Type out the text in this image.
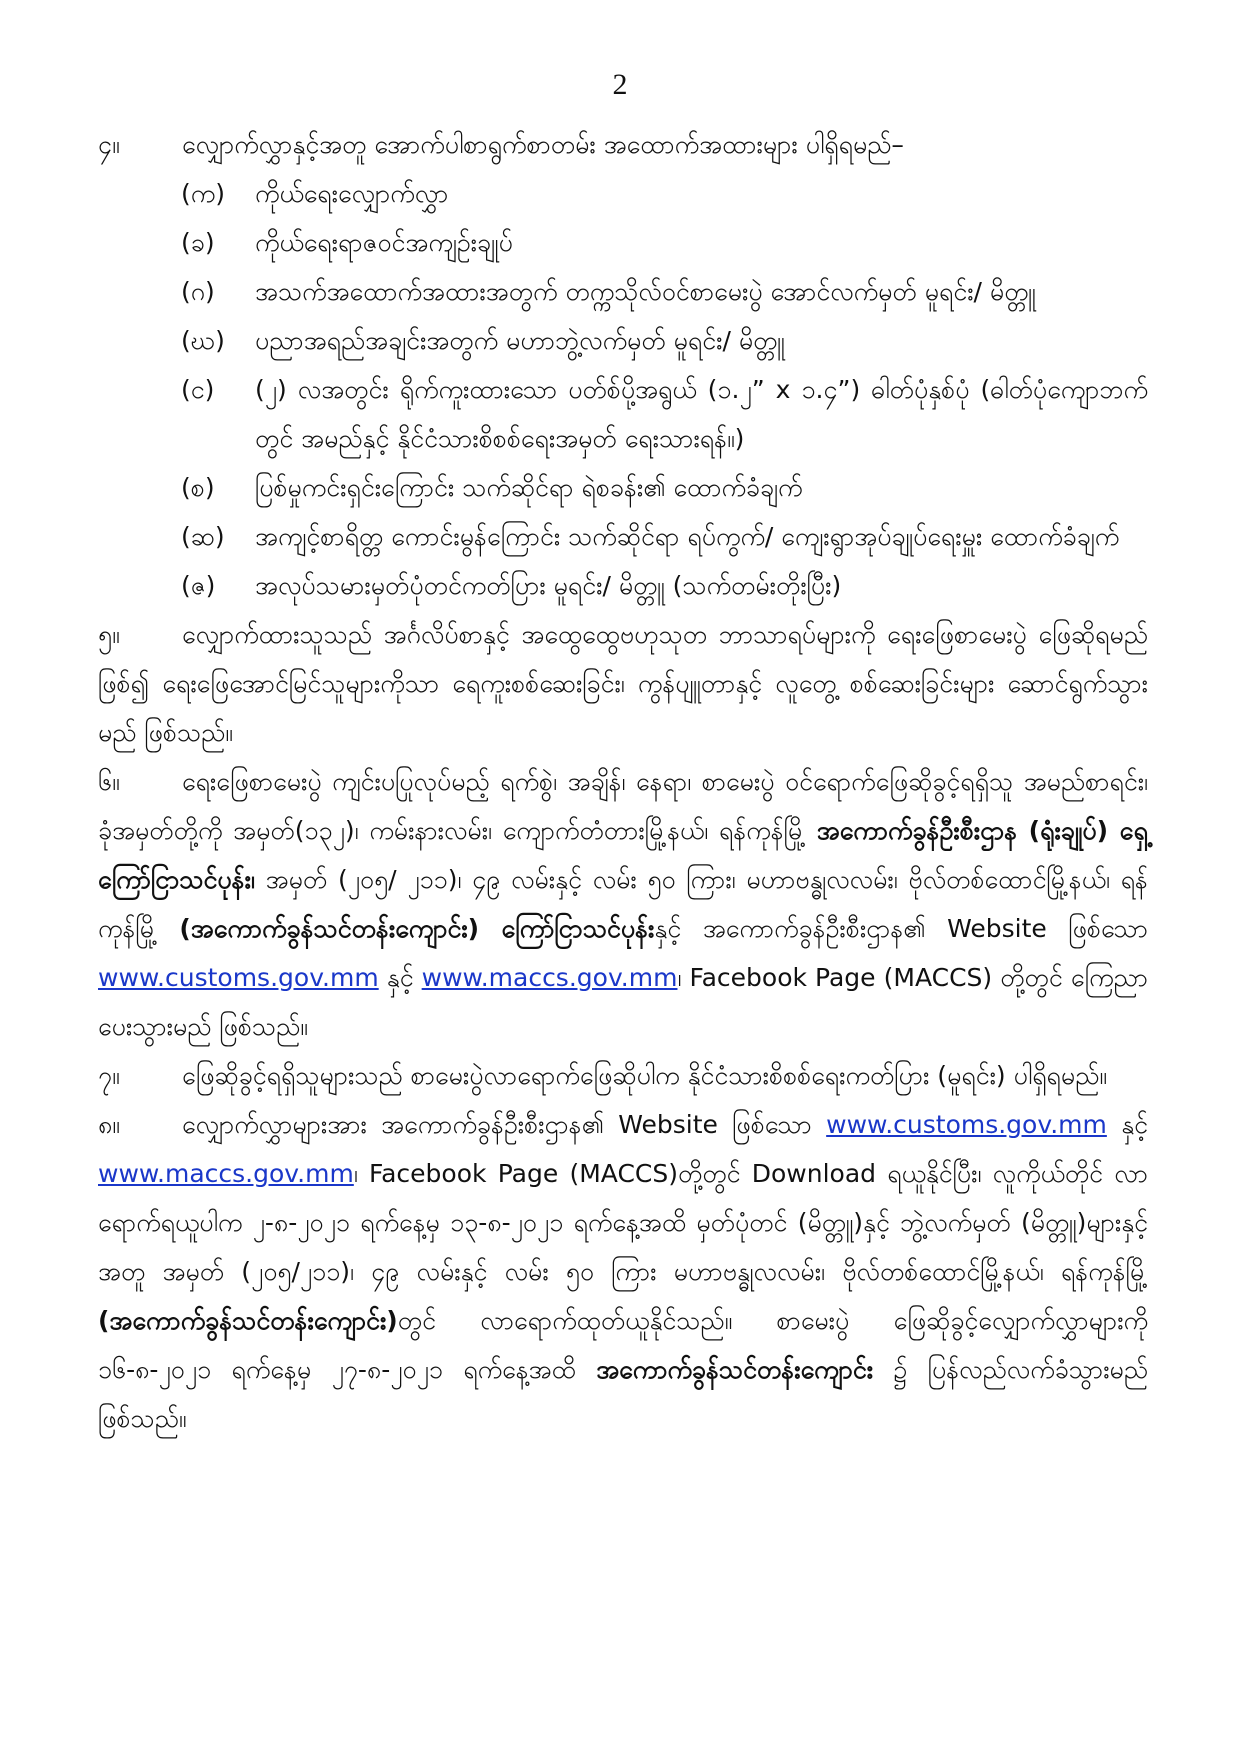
2
၄။ လျှောက်လွှာနှင့်အတူ အောက်ပါစာရွက်စာတမ်း အထောက်အထားများ ပါရှိရမည်–
(က) ကိုယ်ရေးလျှောက်လွှာ
(ခ) ကိုယ်ရေးရာဇဝင်အကျဉ်းချုပ်
(ဂ) အသက်အထောက်အထားအတွက် တက္ကသိုလ်ဝင်စာမေးပွဲ အောင်လက်မှတ် မူရင်း/ မိတ္တူ
(ဃ) ပညာအရည်အချင်းအတွက် မဟာဘွဲ့လက်မှတ် မူရင်း/ မိတ္တူ
(င) (၂) လအတွင်း ရိုက်ကူးထားသော ပတ်စ်ပို့အရွယ် (၁.၂” x ၁.၄”) ဓါတ်ပုံနှစ်ပုံ (ဓါတ်ပုံကျောဘက်တွင် အမည်နှင့် နိုင်ငံသားစိစစ်ရေးအမှတ် ရေးသားရန်။)
(စ) ပြစ်မှုကင်းရှင်းကြောင်း သက်ဆိုင်ရာ ရဲစခန်း၏ ထောက်ခံချက်
(ဆ) အကျင့်စာရိတ္တ ကောင်းမွန်ကြောင်း သက်ဆိုင်ရာ ရပ်ကွက်/ ကျေးရွာအုပ်ချုပ်ရေးမှူး ထောက်ခံချက်
(ဇ) အလုပ်သမားမှတ်ပုံတင်ကတ်ပြား မူရင်း/ မိတ္တူ (သက်တမ်းတိုးပြီး)
၅။ လျှောက်ထားသူသည် အင်္ဂလိပ်စာနှင့် အထွေထွေဗဟုသုတ ဘာသာရပ်များကို ရေးဖြေစာမေးပွဲ ဖြေဆိုရမည် ဖြစ်၍ ရေးဖြေအောင်မြင်သူများကိုသာ ရေကူးစစ်ဆေးခြင်း၊ ကွန်ပျူတာနှင့် လူတွေ့ စစ်ဆေးခြင်းများ ဆောင်ရွက်သွားမည် ဖြစ်သည်။
၆။ ရေးဖြေစာမေးပွဲ ကျင်းပပြုလုပ်မည့် ရက်စွဲ၊ အချိန်၊ နေရာ၊ စာမေးပွဲ ဝင်ရောက်ဖြေဆိုခွင့်ရရှိသူ အမည်စာရင်း၊ ခုံအမှတ်တို့ကို အမှတ်(၁၃၂)၊ ကမ်းနားလမ်း၊ ကျောက်တံတားမြို့နယ်၊ ရန်ကုန်မြို့ အကောက်ခွန်ဦးစီးဌာန (ရုံးချုပ်) ရှေ့ ကြော်ငြာသင်ပုန်း၊ အမှတ် (၂၀၅/ ၂၁၁)၊ ၄၉ လမ်းနှင့် လမ်း ၅၀ ကြား၊ မဟာဗန္ဓုလလမ်း၊ ဗိုလ်တစ်ထောင်မြို့နယ်၊ ရန်ကုန်မြို့ (အကောက်ခွန်သင်တန်းကျောင်း) ကြော်ငြာသင်ပုန်းနှင့် အကောက်ခွန်ဦးစီးဌာန၏ Website ဖြစ်သော www.customs.gov.mm နှင့် www.maccs.gov.mm၊ Facebook Page (MACCS) တို့တွင် ကြေညာပေးသွားမည် ဖြစ်သည်။
၇။ ဖြေဆိုခွင့်ရရှိသူများသည် စာမေးပွဲလာရောက်ဖြေဆိုပါက နိုင်ငံသားစိစစ်ရေးကတ်ပြား (မူရင်း) ပါရှိရမည်။
၈။ လျှောက်လွှာများအား အကောက်ခွန်ဦးစီးဌာန၏ Website ဖြစ်သော www.customs.gov.mm နှင့် www.maccs.gov.mm၊ Facebook Page (MACCS)တို့တွင် Download ရယူနိုင်ပြီး၊ လူကိုယ်တိုင် လာရောက်ရယူပါက ၂-၈-၂၀၂၁ ရက်နေ့မှ ၁၃-၈-၂၀၂၁ ရက်နေ့အထိ မှတ်ပုံတင် (မိတ္တူ)နှင့် ဘွဲ့လက်မှတ် (မိတ္တူ)များနှင့်အတူ အမှတ် (၂၀၅/၂၁၁)၊ ၄၉ လမ်းနှင့် လမ်း ၅၀ ကြား မဟာဗန္ဓုလလမ်း၊ ဗိုလ်တစ်ထောင်မြို့နယ်၊ ရန်ကုန်မြို့ (အကောက်ခွန်သင်တန်းကျောင်း)တွင် လာရောက်ထုတ်ယူနိုင်သည်။ စာမေးပွဲ ဖြေဆိုခွင့်လျှောက်လွှာများကို ၁၆-၈-၂၀၂၁ ရက်နေ့မှ ၂၇-၈-၂၀၂၁ ရက်နေ့အထိ အကောက်ခွန်သင်တန်းကျောင်း ၌ ပြန်လည်လက်ခံသွားမည် ဖြစ်သည်။
